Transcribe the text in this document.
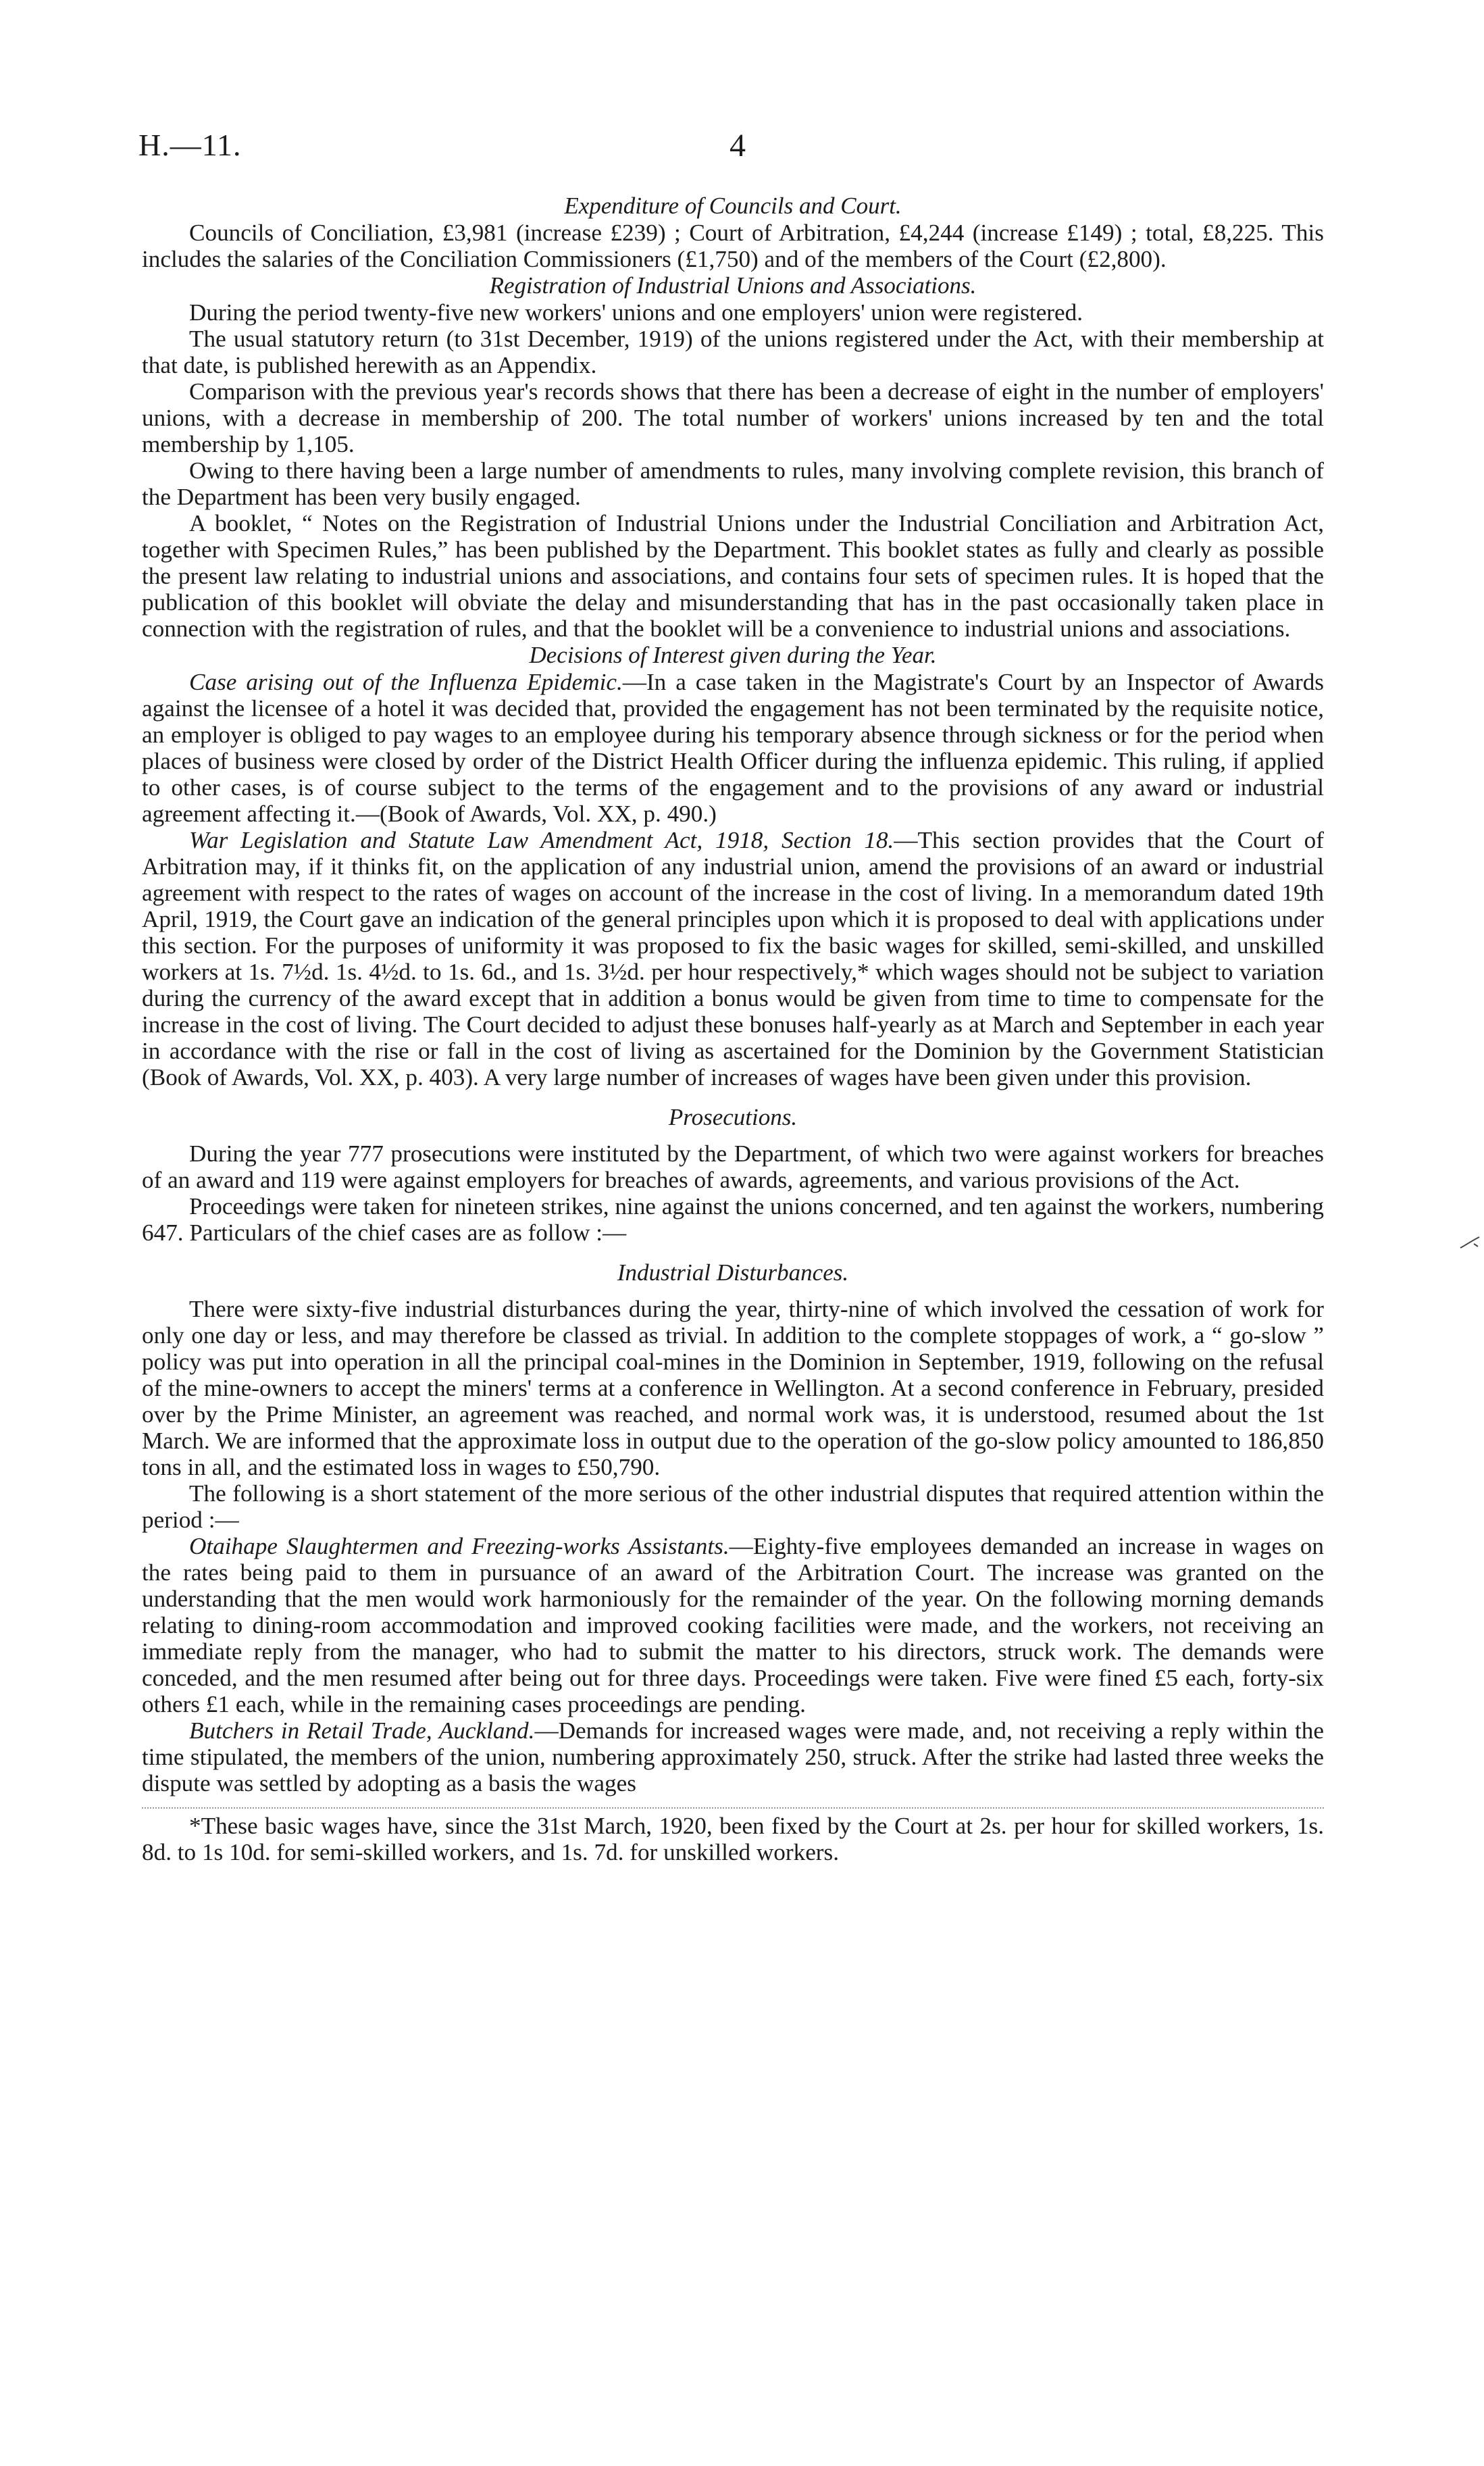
H.—11.	4
Expenditure of Councils and Court.

Councils of Conciliation, £3,981 (increase £239) ; Court of Arbitration, £4,244 (increase £149) ; total, £8,225. This includes the salaries of the Conciliation Commissioners (£1,750) and of the members of the Court (£2,800).

Registration of Industrial Unions and Associations.

During the period twenty-five new workers' unions and one employers' union were registered.

The usual statutory return (to 31st December, 1919) of the unions registered under the Act, with their membership at that date, is published herewith as an Appendix.

Comparison with the previous year's records shows that there has been a decrease of eight in the number of employers' unions, with a decrease in membership of 200. The total number of workers' unions increased by ten and the total membership by 1,105.

Owing to there having been a large number of amendments to rules, many involving complete revision, this branch of the Department has been very busily engaged.

A booklet, “ Notes on the Registration of Industrial Unions under the Industrial Conciliation and Arbitration Act, together with Specimen Rules,” has been published by the Department. This booklet states as fully and clearly as possible the present law relating to industrial unions and associations, and contains four sets of specimen rules. It is hoped that the publication of this booklet will obviate the delay and misunderstanding that has in the past occasionally taken place in connection with the registration of rules, and that the booklet will be a convenience to industrial unions and associations.

Decisions of Interest given during the Year.

Case arising out of the Influenza Epidemic.—In a case taken in the Magistrate's Court by an Inspector of Awards against the licensee of a hotel it was decided that, provided the engagement has not been terminated by the requisite notice, an employer is obliged to pay wages to an employee during his temporary absence through sickness or for the period when places of business were closed by order of the District Health Officer during the influenza epidemic. This ruling, if applied to other cases, is of course subject to the terms of the engagement and to the provisions of any award or industrial agreement affecting it.—(Book of Awards, Vol. XX, p. 490.)

War Legislation and Statute Law Amendment Act, 1918, Section 18.—This section provides that the Court of Arbitration may, if it thinks fit, on the application of any industrial union, amend the provisions of an award or industrial agreement with respect to the rates of wages on account of the increase in the cost of living. In a memorandum dated 19th April, 1919, the Court gave an indication of the general principles upon which it is proposed to deal with applications under this section. For the purposes of uniformity it was proposed to fix the basic wages for skilled, semi-skilled, and unskilled workers at 1s. 7½d. 1s. 4½d. to 1s. 6d., and 1s. 3½d. per hour respectively,* which wages should not be subject to variation during the currency of the award except that in addition a bonus would be given from time to time to compensate for the increase in the cost of living. The Court decided to adjust these bonuses half-yearly as at March and September in each year in accordance with the rise or fall in the cost of living as ascertained for the Dominion by the Government Statistician (Book of Awards, Vol. XX, p. 403). A very large number of increases of wages have been given under this provision.

Prosecutions.

During the year 777 prosecutions were instituted by the Department, of which two were against workers for breaches of an award and 119 were against employers for breaches of awards, agreements, and various provisions of the Act.

Proceedings were taken for nineteen strikes, nine against the unions concerned, and ten against the workers, numbering 647. Particulars of the chief cases are as follow :—

Industrial Disturbances.

There were sixty-five industrial disturbances during the year, thirty-nine of which involved the cessation of work for only one day or less, and may therefore be classed as trivial. In addition to the complete stoppages of work, a “ go-slow ” policy was put into operation in all the principal coal-mines in the Dominion in September, 1919, following on the refusal of the mine-owners to accept the miners' terms at a conference in Wellington. At a second conference in February, presided over by the Prime Minister, an agreement was reached, and normal work was, it is understood, resumed about the 1st March. We are informed that the approximate loss in output due to the operation of the go-slow policy amounted to 186,850 tons in all, and the estimated loss in wages to £50,790.

The following is a short statement of the more serious of the other industrial disputes that required attention within the period :—

Otaihape Slaughtermen and Freezing-works Assistants.—Eighty-five employees demanded an increase in wages on the rates being paid to them in pursuance of an award of the Arbitration Court. The increase was granted on the understanding that the men would work harmoniously for the remainder of the year. On the following morning demands relating to dining-room accommodation and improved cooking facilities were made, and the workers, not receiving an immediate reply from the manager, who had to submit the matter to his directors, struck work. The demands were conceded, and the men resumed after being out for three days. Proceedings were taken. Five were fined £5 each, forty-six others £1 each, while in the remaining cases proceedings are pending.

Butchers in Retail Trade, Auckland.—Demands for increased wages were made, and, not receiving a reply within the time stipulated, the members of the union, numbering approximately 250, struck. After the strike had lasted three weeks the dispute was settled by adopting as a basis the wages

*These basic wages have, since the 31st March, 1920, been fixed by the Court at 2s. per hour for skilled workers, 1s. 8d. to 1s 10d. for semi-skilled workers, and 1s. 7d. for unskilled workers.
